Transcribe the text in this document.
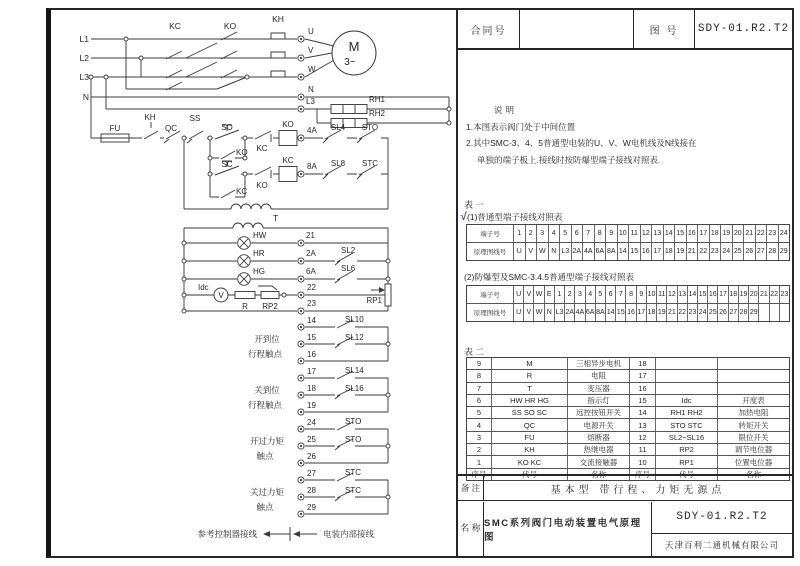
L1
L2
L3
N
KC	KO
KH
U
V
W
N
L3
M
3~
RH1
RH2
FU
KH
QC
SS
SO
KO KC
KO
4A SL4 STO
SC
KC
KO
KC
8A SL8 STC
T
HW	21
HR	2A	SL2
HG	6A	SL6
Idc
V
R RP2
22
RP1
23
开到位
行程触点
14
15
16
SL10
SL12
关到位
行程触点
17
18
19
SL14
SL16
开过力矩
触点
24
25
26
STO
STO
关过力矩
触点
27
28
29
STC
STC
参考控制器接线	电装内部接线
合同号	图 号	SDY-01.R2.T2
说明
1.本图表示阀门处于中间位置
2.其中SMC-3、4、5普通型电装的U、V、W电机线及N线接在
单独的端子板上.接线时按防爆型端子接线对照表.
表一
√(1)普通型端子接线对照表
端子号	1	2	3	4	5	6	7	8	9 10 11 12 13 14 15 16 17 18 19 20 21 22 23 24
原理图线号	U V W N L3 2A 4A 6A 8A 14 15 16 17 18 19 21 22 23 24 25 26 27 28 29
(2)防爆型及SMC-3.4.5普通型端子接线对照表
端子号	U V W E 1 2 3 4 5 6 7 8 9 10 11 12 13 14 15 16 17 18 19 20 21 22 23
原理图线号	U V W N L3 2A 4A 6A 8A 14 15 16 17 18 19 21 22 23 24 25 26 27 28 29
表二
9	M	三相异步电机	18
8	R	电阻	17
7	T	变压器	16
6	HW HR HG	指示灯	15	Idc	开度表
5	SS SO SC	远控按钮开关	14	RH1 RH2	加热电阻
4	QC	电源开关	13	STO STC	转矩开关
3	FU	熔断器	12	SL2~SL16	限位开关
2	KH	热继电器	11	RP2	调节电位器
1	KO KC	交流接触器	10	RP1	位置电位器
序号	代号	名称	序号	代号	名称
备 注	基本型 带行程、力矩无源点
名 称 SMC系列阀门电动装置电气原理图
SDY-01.R2.T2
天津百利二通机械有限公司
